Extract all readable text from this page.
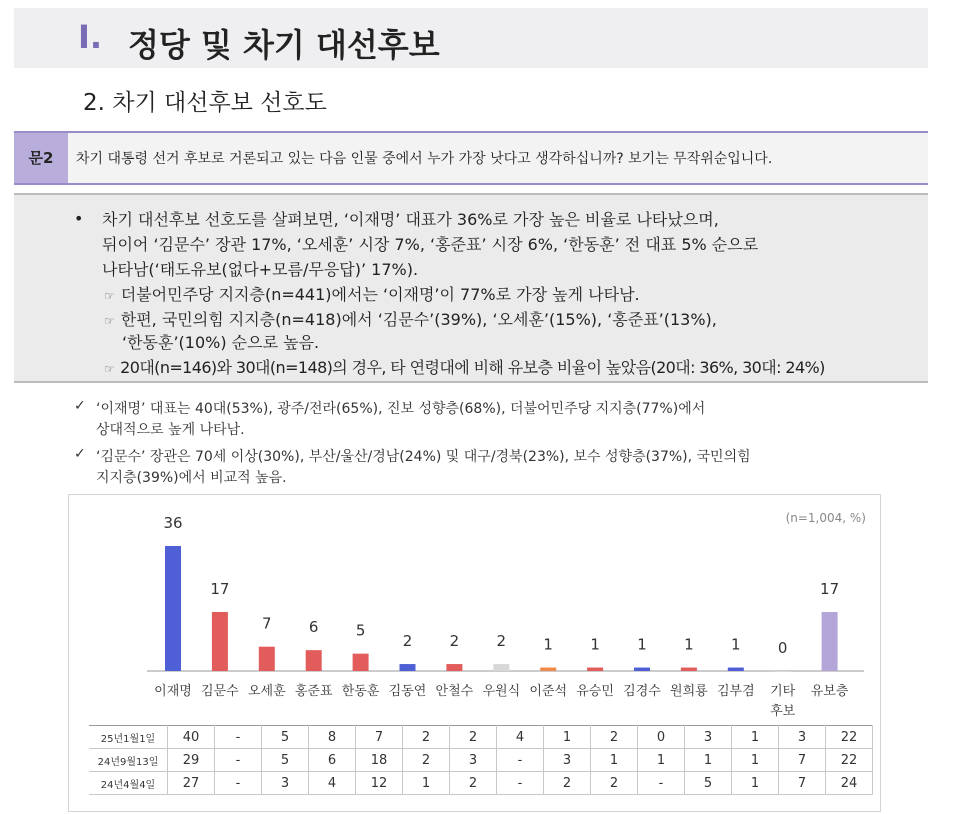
Ⅰ. 정당 및 차기 대선후보
2. 차기 대선후보 선호도
문2	차기 대통령 선거 후보로 거론되고 있는 다음 인물 중에서 누가 가장 낫다고 생각하십니까? 보기는 무작위순입니다.
• 차기 대선후보 선호도를 살펴보면, ‘이재명’ 대표가 36%로 가장 높은 비율로 나타났으며,
뒤이어 ‘김문수’ 장관 17%, ‘오세훈’ 시장 7%, ‘홍준표’ 시장 6%, ‘한동훈’ 전 대표 5% 순으로
나타남(‘태도유보(없다+모름/무응답)’ 17%).
☞ 더불어민주당 지지층(n=441)에서는 ‘이재명’이 77%로 가장 높게 나타남.
☞ 한편, 국민의힘 지지층(n=418)에서 ‘김문수’(39%), ‘오세훈’(15%), ‘홍준표’(13%),
‘한동훈’(10%) 순으로 높음.
☞ 20대(n=146)와 30대(n=148)의 경우, 타 연령대에 비해 유보층 비율이 높았음(20대: 36%, 30대: 24%)
✓ ‘이재명’ 대표는 40대(53%), 광주/전라(65%), 진보 성향층(68%), 더불어민주당 지지층(77%)에서
상대적으로 높게 나타남.
✓ ‘김문수’ 장관은 70세 이상(30%), 부산/울산/경남(24%) 및 대구/경북(23%), 보수 성향층(37%), 국민의힘
지지층(39%)에서 비교적 높음.
(n=1,004, %)
36
이재명
17
김문수
7
오세훈
6
홍준표
5
한동훈
2
김동연
2
안철수
2
우원식
1
이준석
1
유승민
1
김경수
1
원희룡
1
김부겸
0
기타
후보
17
유보층
25년1월1일	40	-	5	8	7	2	2	4	1	2	0	3	1	3	22
24년9월13일	29	-	5	6	18	2	3	-	3	1	1	1	1	7	22
24년4월4일	27	-	3	4	12	1	2	-	2	2	-	5	1	7	24
